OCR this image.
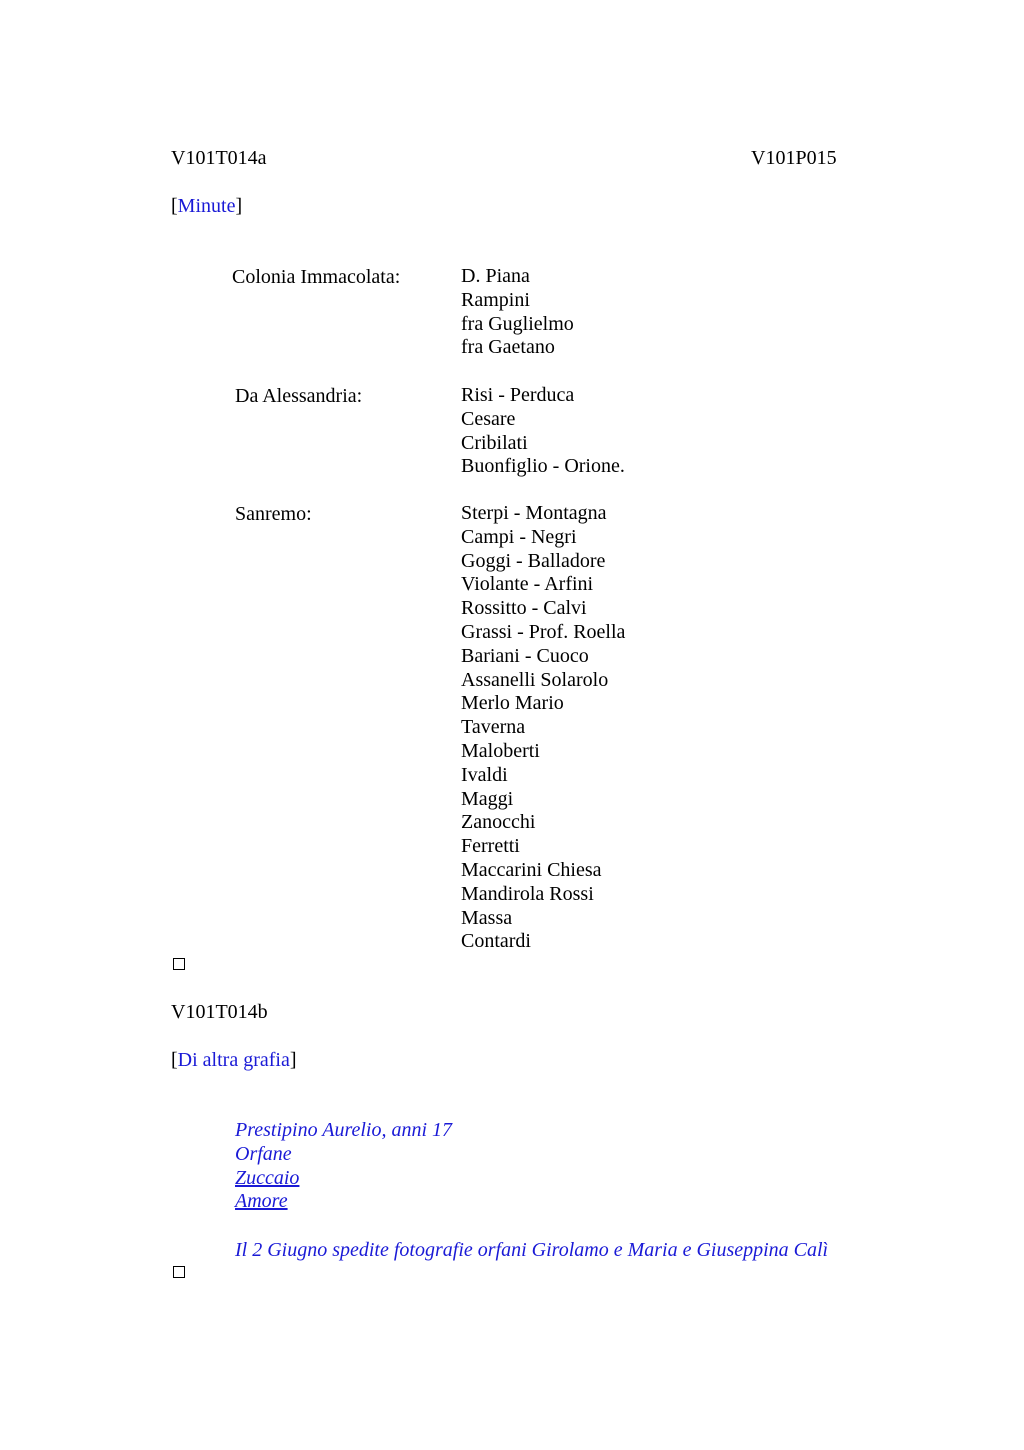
V101T014a	V101P015
[Minute]
Colonia Immacolata:	D. Piana
Rampini
fra Guglielmo
fra Gaetano
Da Alessandria:	Risi - Perduca
Cesare
Cribilati
Buonfiglio - Orione.
Sanremo:	Sterpi - Montagna
Campi - Negri
Goggi - Balladore
Violante - Arfini
Rossitto - Calvi
Grassi - Prof. Roella
Bariani - Cuoco
Assanelli Solarolo
Merlo Mario
Taverna
Maloberti
Ivaldi
Maggi
Zanocchi
Ferretti
Maccarini Chiesa
Mandirola Rossi
Massa
Contardi
V101T014b
[Di altra grafia]
Prestipino Aurelio, anni 17
Orfane
Zuccaio
Amore
Il 2 Giugno spedite fotografie orfani Girolamo e Maria e Giuseppina Calì
